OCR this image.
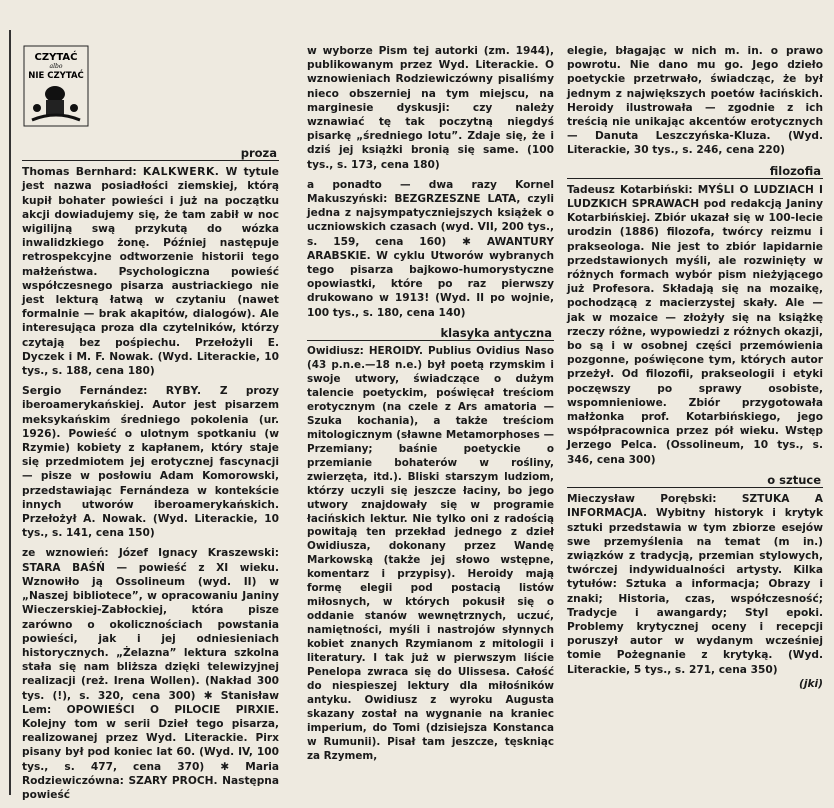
CZYTAĆ
albo
NIE CZYTAĆ
proza

Thomas Bernhard: KALKWERK. W tytule jest nazwa posiadłości ziemskiej, którą kupił bohater powieści i już na początku akcji dowiadujemy się, że tam zabił w noc wigilijną swą przykutą do wózka inwalidzkiego żonę. Później następuje retrospekcyjne odtworzenie historii tego małżeństwa. Psychologiczna powieść współczesnego pisarza austriackiego nie jest lekturą łatwą w czytaniu (nawet formalnie — brak akapitów, dialogów). Ale interesująca proza dla czytelników, którzy czytają bez pośpiechu. Przełożyli E. Dyczek i M. F. Nowak. (Wyd. Literackie, 10 tys., s. 188, cena 180)

Sergio Fernández: RYBY. Z prozy iberoamerykańskiej. Autor jest pisarzem meksykańskim średniego pokolenia (ur. 1926). Powieść o ulotnym spotkaniu (w Rzymie) kobiety z kapłanem, który staje się przedmiotem jej erotycznej fascynacji — pisze w posłowiu Adam Komorowski, przedstawiając Fernándeza w kontekście innych utworów iberoamerykańskich. Przełożył A. Nowak. (Wyd. Literackie, 10 tys., s. 141, cena 150)

ze wznowień: Józef Ignacy Kraszewski: STARA BAŚŃ — powieść z XI wieku. Wznowiło ją Ossolineum (wyd. II) w „Naszej bibliotece”, w opracowaniu Janiny Wieczerskiej-Zabłockiej, która pisze zarówno o okolicznościach powstania powieści, jak i jej odniesieniach historycznych. „Żelazna” lektura szkolna stała się nam bliższa dzięki telewizyjnej realizacji (reż. Irena Wollen). (Nakład 300 tys. (!), s. 320, cena 300) ✱ Stanisław Lem: OPOWIEŚCI O PILOCIE PIRXIE. Kolejny tom w serii Dzieł tego pisarza, realizowanej przez Wyd. Literackie. Pirx pisany był pod koniec lat 60. (Wyd. IV, 100 tys., s. 477, cena 370) ✱ Maria Rodziewiczówna: SZARY PROCH. Następna powieść

w wyborze Pism tej autorki (zm. 1944), publikowanym przez Wyd. Literackie. O wznowieniach Rodziewiczówny pisaliśmy nieco obszerniej na tym miejscu, na marginesie dyskusji: czy należy wznawiać tę tak poczytną niegdyś pisarkę „średniego lotu”. Zdaje się, że i dziś jej książki bronią się same. (100 tys., s. 173, cena 180)

a ponadto — dwa razy Kornel Makuszyński: BEZGRZESZNE LATA, czyli jedna z najsympatyczniejszych książek o uczniowskich czasach (wyd. VII, 200 tys., s. 159, cena 160) ✱ AWANTURY ARABSKIE. W cyklu Utworów wybranych tego pisarza bajkowo-humorystyczne opowiastki, które po raz pierwszy drukowano w 1913! (Wyd. II po wojnie, 100 tys., s. 180, cena 140)

klasyka antyczna

Owidiusz: HEROIDY. Publius Ovidius Naso (43 p.n.e.—18 n.e.) był poetą rzymskim i swoje utwory, świadczące o dużym talencie poetyckim, poświęcał treściom erotycznym (na czele z Ars amatoria — Szuka kochania), a także treściom mitologicznym (sławne Metamorphoses — Przemiany; baśnie poetyckie o przemianie bohaterów w rośliny, zwierzęta, itd.). Bliski starszym ludziom, którzy uczyli się jeszcze łaciny, bo jego utwory znajdowały się w programie łacińskich lektur. Nie tylko oni z radością powitają ten przekład jednego z dzieł Owidiusza, dokonany przez Wandę Markowską (także jej słowo wstępne, komentarz i przypisy). Heroidy mają formę elegii pod postacią listów miłosnych, w których pokusił się o oddanie stanów wewnętrznych, uczuć, namiętności, myśli i nastrojów słynnych kobiet znanych Rzymianom z mitologii i literatury. I tak już w pierwszym liście Penelopa zwraca się do Ulissesa. Całość do niespieszej lektury dla miłośników antyku. Owidiusz z wyroku Augusta skazany został na wygnanie na kraniec imperium, do Tomi (dzisiejsza Konstanca w Rumunii). Pisał tam jeszcze, tęskniąc za Rzymem,

elegie, błagając w nich m. in. o prawo powrotu. Nie dano mu go. Jego dzieło poetyckie przetrwało, świadcząc, że był jednym z największych poetów łacińskich. Heroidy ilustrowała — zgodnie z ich treścią nie unikając akcentów erotycznych — Danuta Leszczyńska-Kluza. (Wyd. Literackie, 30 tys., s. 246, cena 220)

filozofia

Tadeusz Kotarbiński: MYŚLI O LUDZIACH I LUDZKICH SPRAWACH pod redakcją Janiny Kotarbińskiej. Zbiór ukazał się w 100-lecie urodzin (1886) filozofa, twórcy reizmu i prakseologa. Nie jest to zbiór lapidarnie przedstawionych myśli, ale rozwinięty w różnych formach wybór pism nieżyjącego już Profesora. Składają się na mozaikę, pochodzącą z macierzystej skały. Ale — jak w mozaice — złożyły się na książkę rzeczy różne, wypowiedzi z różnych okazji, bo są i w osobnej części przemówienia pozgonne, poświęcone tym, których autor przeżył. Od filozofii, prakseologii i etyki poczęwszy po sprawy osobiste, wspomnieniowe. Zbiór przygotowała małżonka prof. Kotarbińskiego, jego współpracownica przez pół wieku. Wstęp Jerzego Pelca. (Ossolineum, 10 tys., s. 346, cena 300)

o sztuce

Mieczysław Porębski: SZTUKA A INFORMACJA. Wybitny historyk i krytyk sztuki przedstawia w tym zbiorze esejów swe przemyślenia na temat (m in.) związków z tradycją, przemian stylowych, twórczej indywidualności artysty. Kilka tytułów: Sztuka a informacja; Obrazy i znaki; Historia, czas, współczesność; Tradycje i awangardy; Styl epoki. Problemy krytycznej oceny i recepcji poruszył autor w wydanym wcześniej tomie Pożegnanie z krytyką. (Wyd. Literackie, 5 tys., s. 271, cena 350)

(jki)
